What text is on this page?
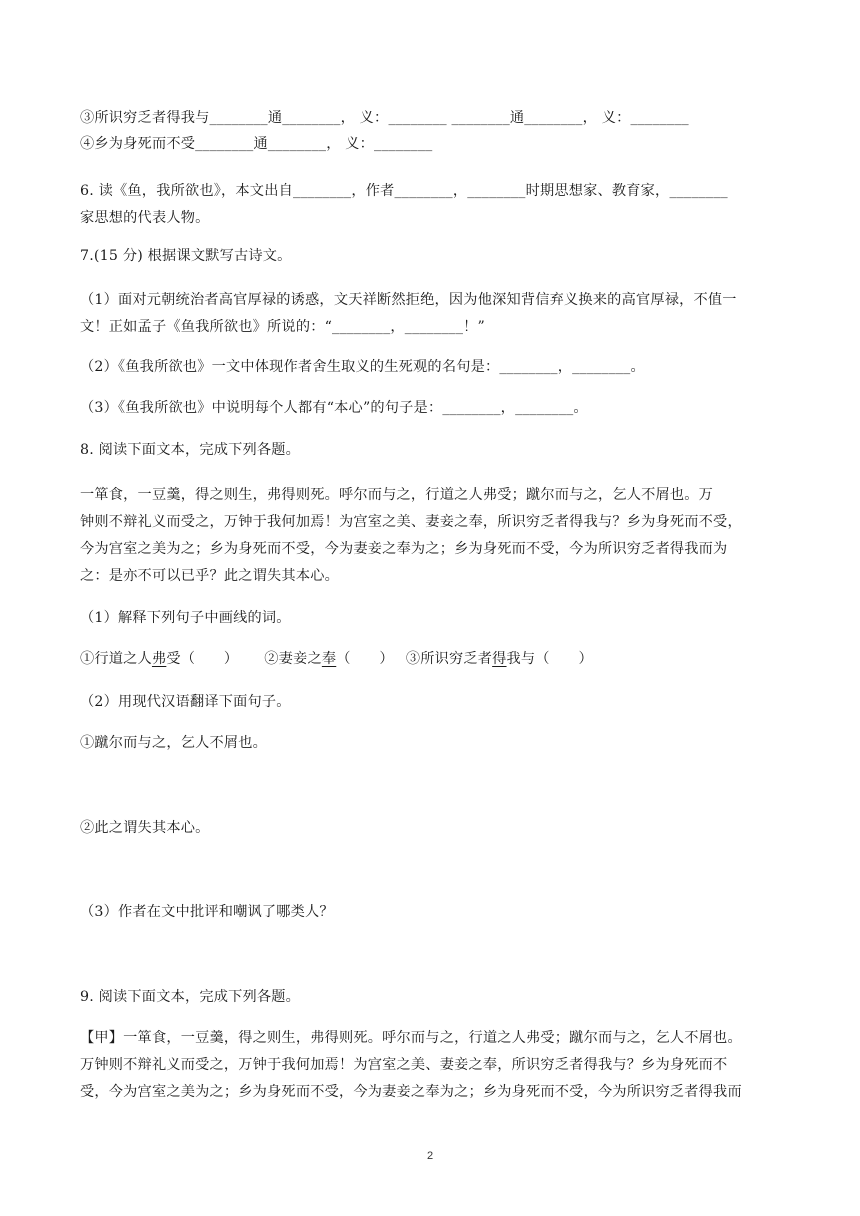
③所识穷乏者得我与________通________， 义：________ ________通________， 义：________
④乡为身死而不受________通________， 义：________
6. 读《鱼，我所欲也》，本文出自________，作者________，________时期思想家、教育家，________
家思想的代表人物。
7.(15 分) 根据课文默写古诗文。
（1）面对元朝统治者高官厚禄的诱惑，文天祥断然拒绝，因为他深知背信弃义换来的高官厚禄，不值一
文！正如孟子《鱼我所欲也》所说的：“________，________！”
（2）《鱼我所欲也》一文中体现作者舍生取义的生死观的名句是：________，________。
（3）《鱼我所欲也》中说明每个人都有“本心”的句子是：________，________。
8. 阅读下面文本，完成下列各题。
一箪食，一豆羹，得之则生，弗得则死。呼尔而与之，行道之人弗受；蹴尔而与之，乞人不屑也。万
钟则不辩礼义而受之，万钟于我何加焉！为宫室之美、妻妾之奉，所识穷乏者得我与？乡为身死而不受，
今为宫室之美为之；乡为身死而不受，今为妻妾之奉为之；乡为身死而不受，今为所识穷乏者得我而为
之：是亦不可以已乎？此之谓失其本心。
（1）解释下列句子中画线的词。
①行道之人弗受（　　） ②妻妾之奉（　　） ③所识穷乏者得我与（　　）
（2）用现代汉语翻译下面句子。
①蹴尔而与之，乞人不屑也。
②此之谓失其本心。
（3）作者在文中批评和嘲讽了哪类人？
9. 阅读下面文本，完成下列各题。
【甲】一箪食，一豆羹，得之则生，弗得则死。呼尔而与之，行道之人弗受；蹴尔而与之，乞人不屑也。
万钟则不辩礼义而受之，万钟于我何加焉！为宫室之美、妻妾之奉，所识穷乏者得我与？乡为身死而不
受，今为宫室之美为之；乡为身死而不受，今为妻妾之奉为之；乡为身死而不受，今为所识穷乏者得我而
2
